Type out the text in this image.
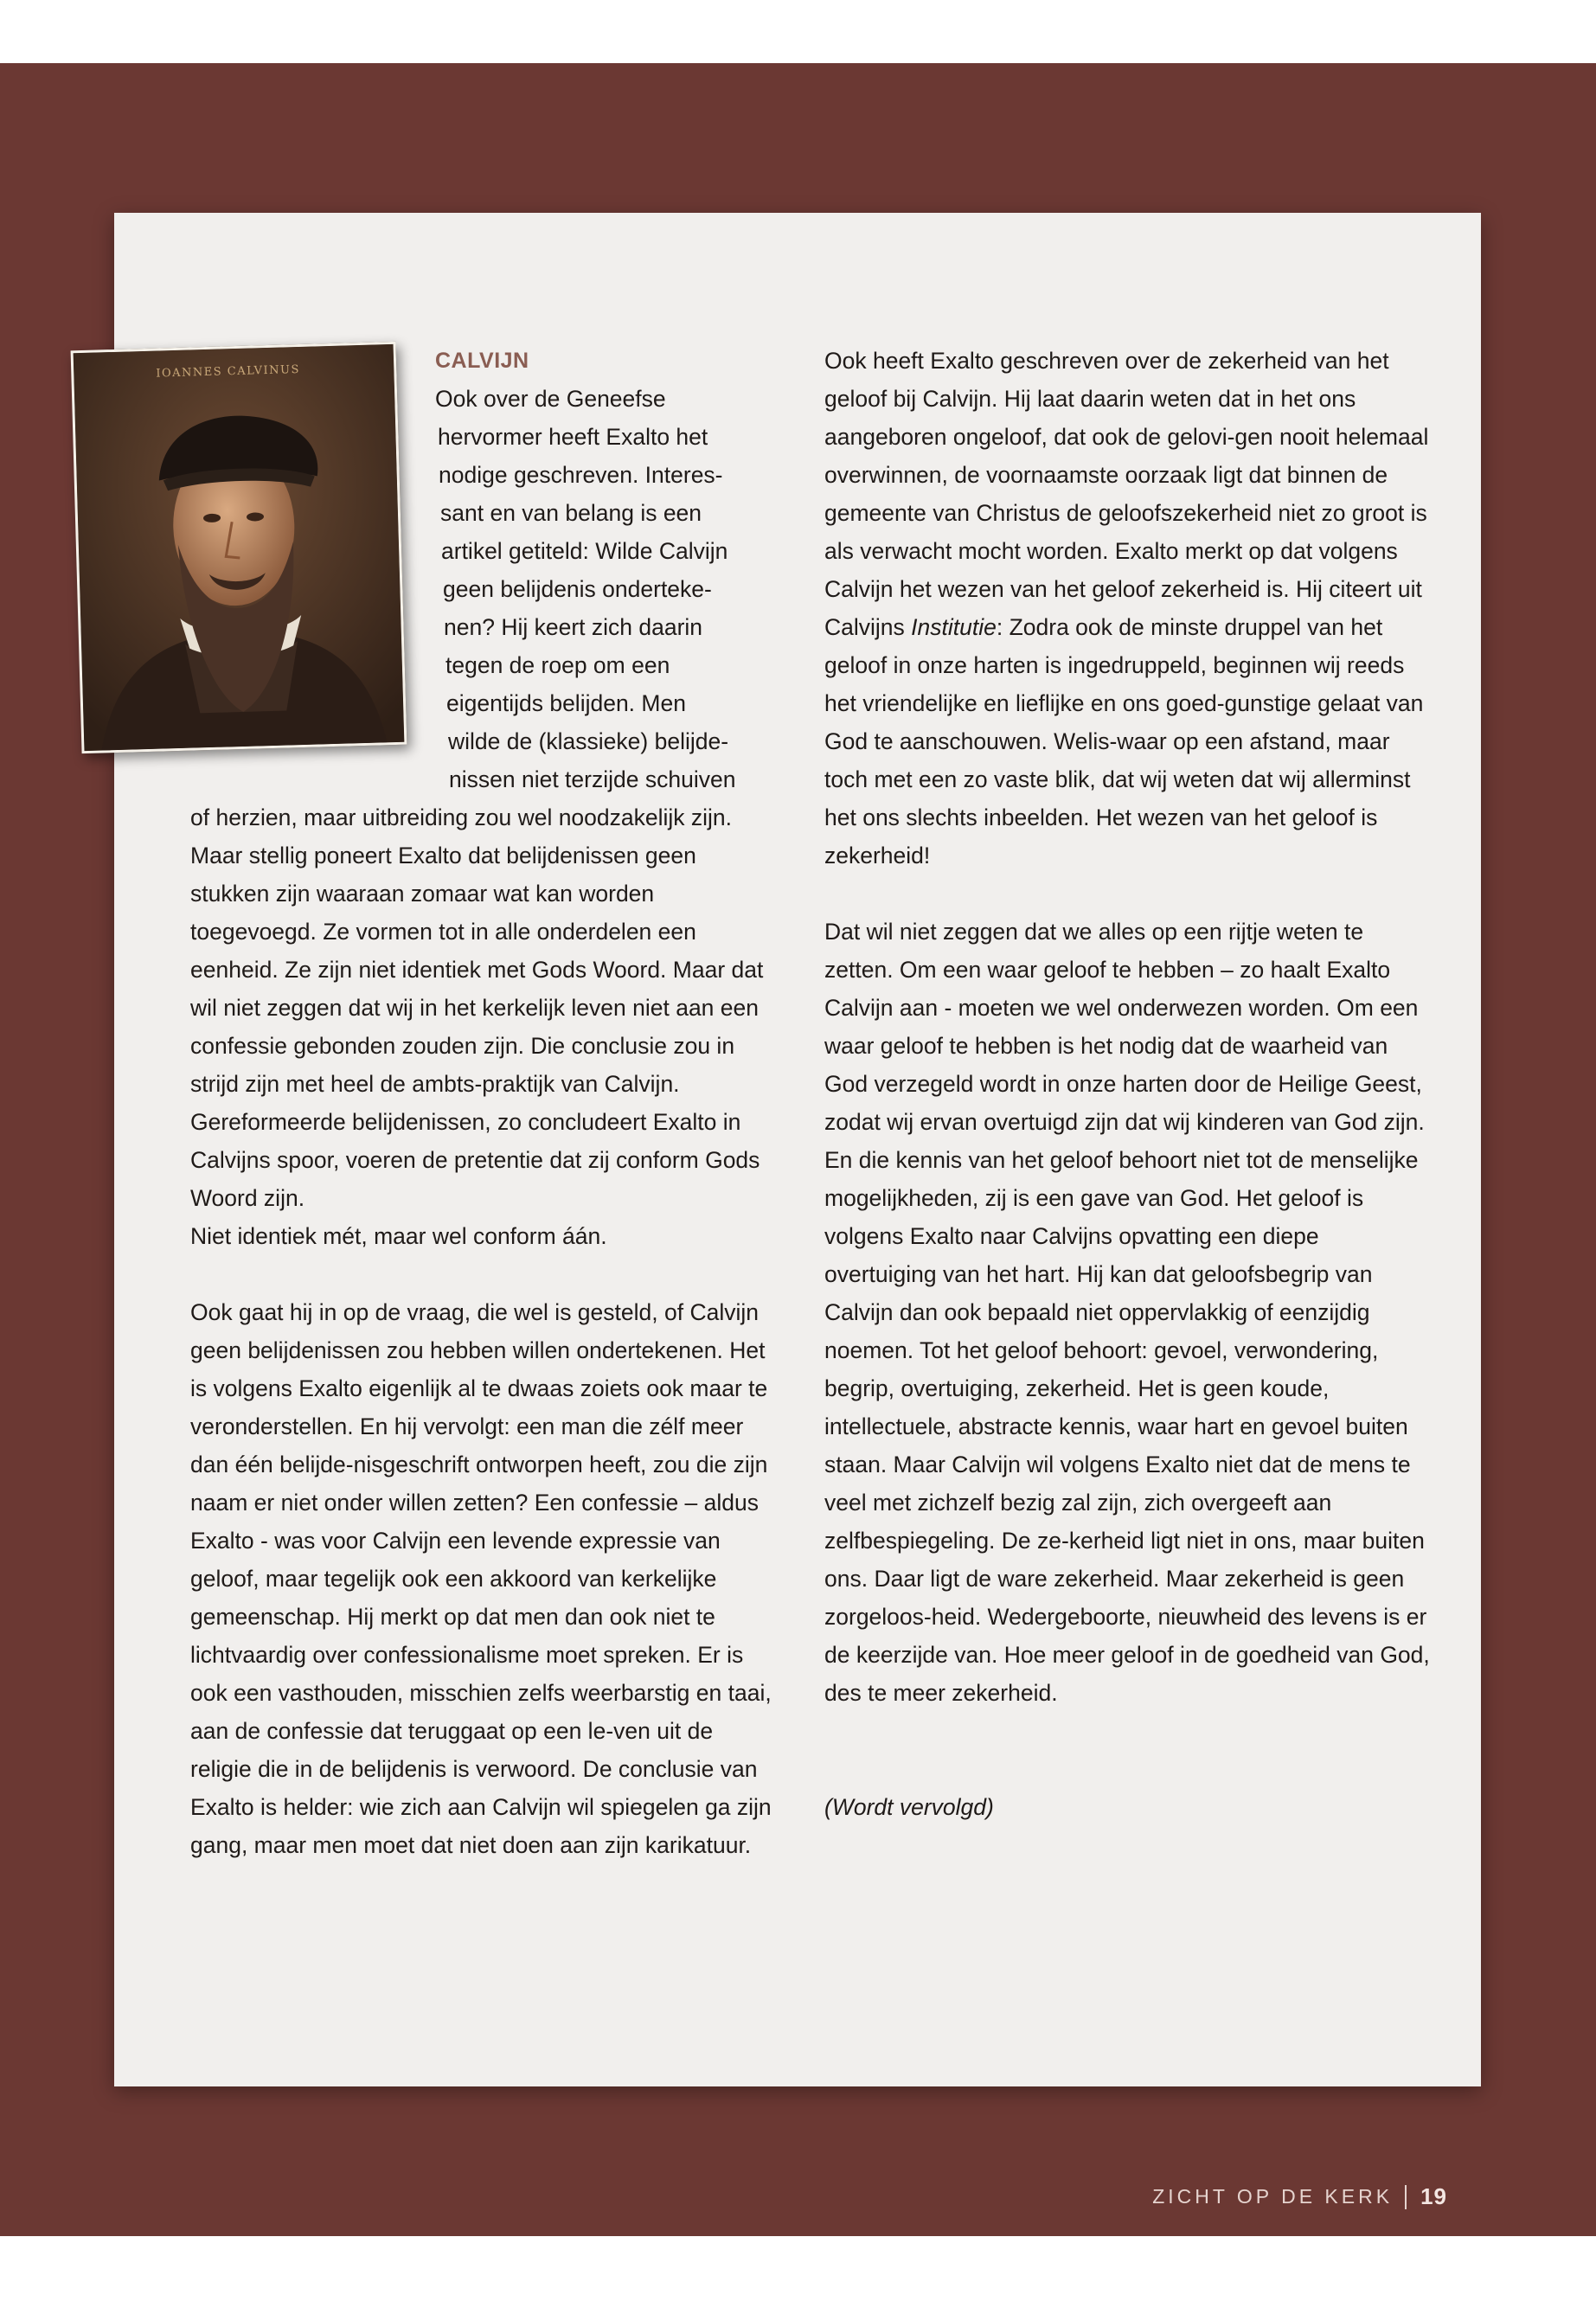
IOANNES CALVINUS	CALVIJN
Ook over de Geneefse
hervormer heeft Exalto het
nodige geschreven. Interes-
sant en van belang is een
artikel getiteld: Wilde Calvijn
geen belijdenis onderteke-
nen? Hij keert zich daarin
tegen de roep om een
eigentijds belijden. Men
wilde de (klassieke) belijde-
nissen niet terzijde schuiven

of herzien, maar uitbreiding zou wel noodzakelijk zijn. Maar stellig poneert Exalto dat belijdenissen geen stukken zijn waaraan zomaar wat kan worden toegevoegd. Ze vormen tot in alle onderdelen een eenheid. Ze zijn niet identiek met Gods Woord. Maar dat wil niet zeggen dat wij in het kerkelijk leven niet aan een confessie gebonden zouden zijn. Die conclusie zou in strijd zijn met heel de ambts-praktijk van Calvijn. Gereformeerde belijdenissen, zo concludeert Exalto in Calvijns spoor, voeren de pretentie dat zij conform Gods Woord zijn.

Niet identiek mét, maar wel conform áán.

Ook gaat hij in op de vraag, die wel is gesteld, of Calvijn geen belijdenissen zou hebben willen ondertekenen. Het is volgens Exalto eigenlijk al te dwaas zoiets ook maar te veronderstellen. En hij vervolgt: een man die zélf meer dan één belijde-nisgeschrift ontworpen heeft, zou die zijn naam er niet onder willen zetten? Een confessie – aldus Exalto - was voor Calvijn een levende expressie van geloof, maar tegelijk ook een akkoord van kerkelijke gemeenschap. Hij merkt op dat men dan ook niet te lichtvaardig over confessionalisme moet spreken. Er is ook een vasthouden, misschien zelfs weerbarstig en taai, aan de confessie dat teruggaat op een le-ven uit de religie die in de belijdenis is verwoord. De conclusie van Exalto is helder: wie zich aan Calvijn wil spiegelen ga zijn gang, maar men moet dat niet doen aan zijn karikatuur.

Ook heeft Exalto geschreven over de zekerheid van het geloof bij Calvijn. Hij laat daarin weten dat in het ons aangeboren ongeloof, dat ook de gelovi-gen nooit helemaal overwinnen, de voornaamste oorzaak ligt dat binnen de gemeente van Christus de geloofszekerheid niet zo groot is als verwacht mocht worden. Exalto merkt op dat volgens Calvijn het wezen van het geloof zekerheid is. Hij citeert uit Calvijns Institutie: Zodra ook de minste druppel van het geloof in onze harten is ingedruppeld, beginnen wij reeds het vriendelijke en lieflijke en ons goed-gunstige gelaat van God te aanschouwen. Welis-waar op een afstand, maar toch met een zo vaste blik, dat wij weten dat wij allerminst het ons slechts inbeelden. Het wezen van het geloof is zekerheid!

Dat wil niet zeggen dat we alles op een rijtje weten te zetten. Om een waar geloof te hebben – zo haalt Exalto Calvijn aan - moeten we wel onderwezen worden. Om een waar geloof te hebben is het nodig dat de waarheid van God verzegeld wordt in onze harten door de Heilige Geest, zodat wij ervan overtuigd zijn dat wij kinderen van God zijn. En die kennis van het geloof behoort niet tot de menselijke mogelijkheden, zij is een gave van God. Het geloof is volgens Exalto naar Calvijns opvatting een diepe overtuiging van het hart. Hij kan dat geloofsbegrip van Calvijn dan ook bepaald niet oppervlakkig of eenzijdig noemen. Tot het geloof behoort: gevoel, verwondering, begrip, overtuiging, zekerheid. Het is geen koude, intellectuele, abstracte kennis, waar hart en gevoel buiten staan. Maar Calvijn wil volgens Exalto niet dat de mens te veel met zichzelf bezig zal zijn, zich overgeeft aan zelfbespiegeling. De ze-kerheid ligt niet in ons, maar buiten ons. Daar ligt de ware zekerheid. Maar zekerheid is geen zorgeloos-heid. Wedergeboorte, nieuwheid des levens is er de keerzijde van. Hoe meer geloof in de goedheid van God, des te meer zekerheid.

(Wordt vervolgd)

ZICHT OP DE KERK 19
